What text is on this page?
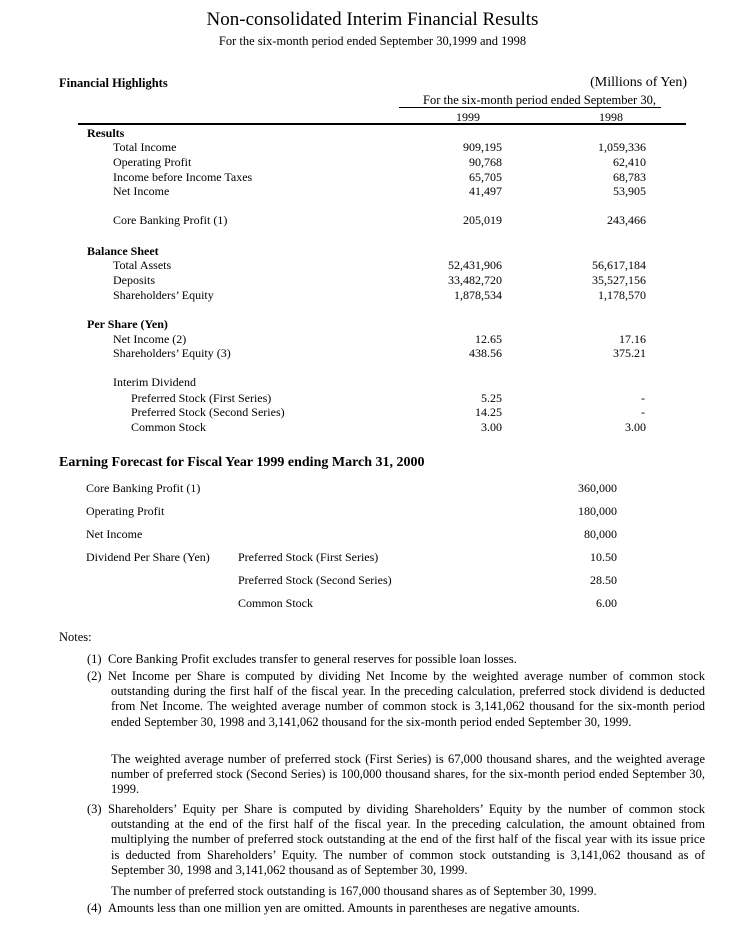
Non-consolidated Interim Financial Results
For the six-month period ended September 30,1999 and 1998
Financial Highlights	(Millions of Yen)
For the six-month period ended September 30,
1999	1998
Results
Total Income	909,195	1,059,336
Operating Profit	90,768	62,410
Income before Income Taxes	65,705	68,783
Net Income	41,497	53,905
Core Banking Profit (1)	205,019	243,466
Balance Sheet
Total Assets	52,431,906	56,617,184
Deposits	33,482,720	35,527,156
Shareholders’ Equity	1,878,534	1,178,570
Per Share (Yen)
Net Income (2)	12.65	17.16
Shareholders’ Equity (3)	438.56	375.21
Interim Dividend
Preferred Stock (First Series)	5.25	-
Preferred Stock (Second Series)	14.25	-
Common Stock	3.00	3.00
Earning Forecast for Fiscal Year 1999 ending March 31, 2000
Core Banking Profit (1)	360,000
Operating Profit	180,000
Net Income	80,000
Dividend Per Share (Yen) Preferred Stock (First Series)	10.50
Preferred Stock (Second Series)	28.50
Common Stock	6.00
Notes:
(1) Core Banking Profit excludes transfer to general reserves for possible loan losses.
(2) Net Income per Share is computed by dividing Net Income by the weighted average number of common stock outstanding during the first half of the fiscal year. In the preceding calculation, preferred stock dividend is deducted from Net Income. The weighted average number of common stock is 3,141,062 thousand for the six-month period ended September 30, 1998 and 3,141,062 thousand for the six-month period ended September 30, 1999.
The weighted average number of preferred stock (First Series) is 67,000 thousand shares, and the weighted average number of preferred stock (Second Series) is 100,000 thousand shares, for the six-month period ended September 30, 1999.
(3) Shareholders’ Equity per Share is computed by dividing Shareholders’ Equity by the number of common stock outstanding at the end of the first half of the fiscal year. In the preceding calculation, the amount obtained from multiplying the number of preferred stock outstanding at the end of the first half of the fiscal year with its issue price is deducted from Shareholders’ Equity. The number of common stock outstanding is 3,141,062 thousand as of September 30, 1998 and 3,141,062 thousand as of September 30, 1999.
The number of preferred stock outstanding is 167,000 thousand shares as of September 30, 1999.
(4) Amounts less than one million yen are omitted. Amounts in parentheses are negative amounts.
